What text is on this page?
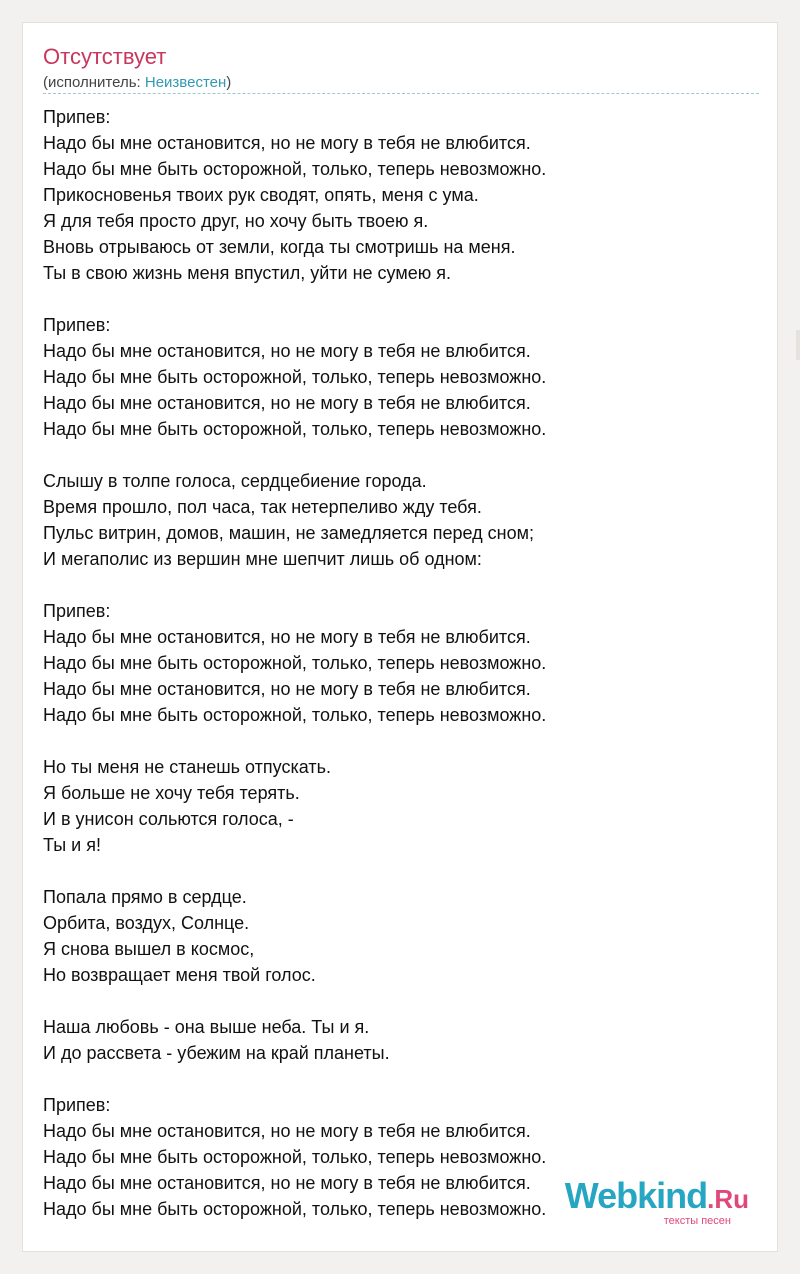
Отсутствует
(исполнитель: Неизвестен)
Припев:
Надо бы мне остановится, но не могу в тебя не влюбится.
Надо бы мне быть осторожной, только, теперь невозможно.
Прикосновенья твоих рук сводят, опять, меня с ума.
Я для тебя просто друг, но хочу быть твоею я.
Вновь отрываюсь от земли, когда ты смотришь на меня.
Ты в свою жизнь меня впустил, уйти не сумею я.
Припев:
Надо бы мне остановится, но не могу в тебя не влюбится.
Надо бы мне быть осторожной, только, теперь невозможно.
Надо бы мне остановится, но не могу в тебя не влюбится.
Надо бы мне быть осторожной, только, теперь невозможно.
Слышу в толпе голоса, сердцебиение города.
Время прошло, пол часа, так нетерпеливо жду тебя.
Пульс витрин, домов, машин, не замедляется перед сном;
И мегаполис из вершин мне шепчит лишь об одном:
Припев:
Надо бы мне остановится, но не могу в тебя не влюбится.
Надо бы мне быть осторожной, только, теперь невозможно.
Надо бы мне остановится, но не могу в тебя не влюбится.
Надо бы мне быть осторожной, только, теперь невозможно.
Но ты меня не станешь отпускать.
Я больше не хочу тебя терять.
И в унисон сольются голоса, -
Ты и я!
Попала прямо в сердце.
Орбита, воздух, Солнце.
Я снова вышел в космос,
Но возвращает меня твой голос.
Наша любовь - она выше неба. Ты и я.
И до рассвета - убежим на край планеты.
Припев:
Надо бы мне остановится, но не могу в тебя не влюбится.
Надо бы мне быть осторожной, только, теперь невозможно.
Надо бы мне остановится, но не могу в тебя не влюбится.
Надо бы мне быть осторожной, только, теперь невозможно. Webkind.Ru
тексты песен
